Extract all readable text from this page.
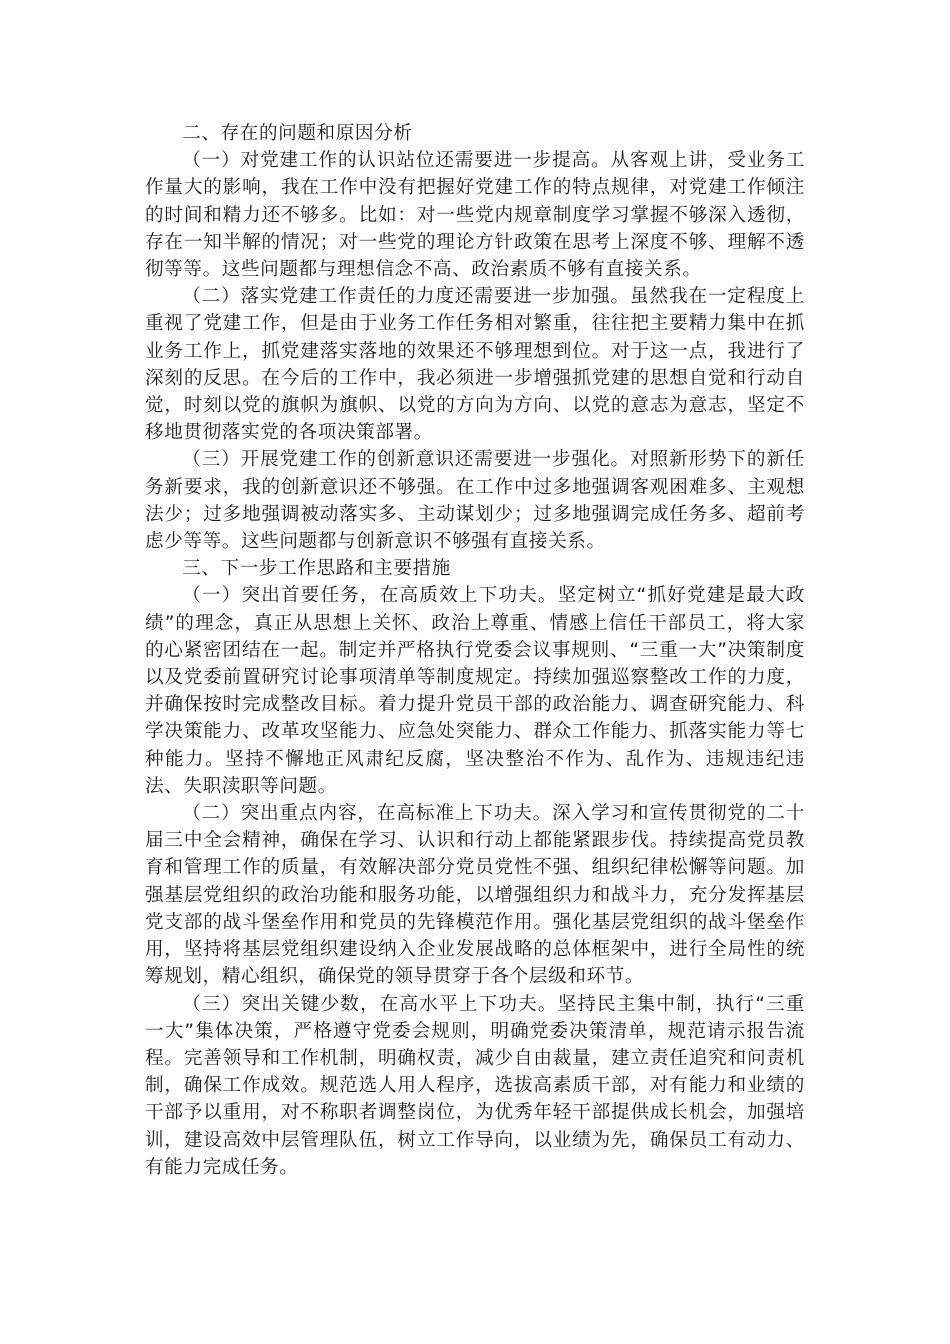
二、存在的问题和原因分析

（一）对党建工作的认识站位还需要进一步提高。从客观上讲，受业务工作量大的影响，我在工作中没有把握好党建工作的特点规律，对党建工作倾注的时间和精力还不够多。比如：对一些党内规章制度学习掌握不够深入透彻，存在一知半解的情况；对一些党的理论方针政策在思考上深度不够、理解不透彻等等。这些问题都与理想信念不高、政治素质不够有直接关系。

（二）落实党建工作责任的力度还需要进一步加强。虽然我在一定程度上重视了党建工作，但是由于业务工作任务相对繁重，往往把主要精力集中在抓业务工作上，抓党建落实落地的效果还不够理想到位。对于这一点，我进行了深刻的反思。在今后的工作中，我必须进一步增强抓党建的思想自觉和行动自觉，时刻以党的旗帜为旗帜、以党的方向为方向、以党的意志为意志，坚定不移地贯彻落实党的各项决策部署。

（三）开展党建工作的创新意识还需要进一步强化。对照新形势下的新任务新要求，我的创新意识还不够强。在工作中过多地强调客观困难多、主观想法少；过多地强调被动落实多、主动谋划少；过多地强调完成任务多、超前考虑少等等。这些问题都与创新意识不够强有直接关系。

三、下一步工作思路和主要措施

（一）突出首要任务，在高质效上下功夫。坚定树立“抓好党建是最大政绩”的理念，真正从思想上关怀、政治上尊重、情感上信任干部员工，将大家的心紧密团结在一起。制定并严格执行党委会议事规则、“三重一大”决策制度以及党委前置研究讨论事项清单等制度规定。持续加强巡察整改工作的力度，并确保按时完成整改目标。着力提升党员干部的政治能力、调查研究能力、科学决策能力、改革攻坚能力、应急处突能力、群众工作能力、抓落实能力等七种能力。坚持不懈地正风肃纪反腐，坚决整治不作为、乱作为、违规违纪违法、失职渎职等问题。

（二）突出重点内容，在高标准上下功夫。深入学习和宣传贯彻党的二十届三中全会精神，确保在学习、认识和行动上都能紧跟步伐。持续提高党员教育和管理工作的质量，有效解决部分党员党性不强、组织纪律松懈等问题。加强基层党组织的政治功能和服务功能，以增强组织力和战斗力，充分发挥基层党支部的战斗堡垒作用和党员的先锋模范作用。强化基层党组织的战斗堡垒作用，坚持将基层党组织建设纳入企业发展战略的总体框架中，进行全局性的统筹规划，精心组织，确保党的领导贯穿于各个层级和环节。

（三）突出关键少数，在高水平上下功夫。坚持民主集中制，执行“三重一大”集体决策，严格遵守党委会规则，明确党委决策清单，规范请示报告流程。完善领导和工作机制，明确权责，减少自由裁量，建立责任追究和问责机制，确保工作成效。规范选人用人程序，选拔高素质干部，对有能力和业绩的干部予以重用，对不称职者调整岗位，为优秀年轻干部提供成长机会，加强培训，建设高效中层管理队伍，树立工作导向，以业绩为先，确保员工有动力、有能力完成任务。
